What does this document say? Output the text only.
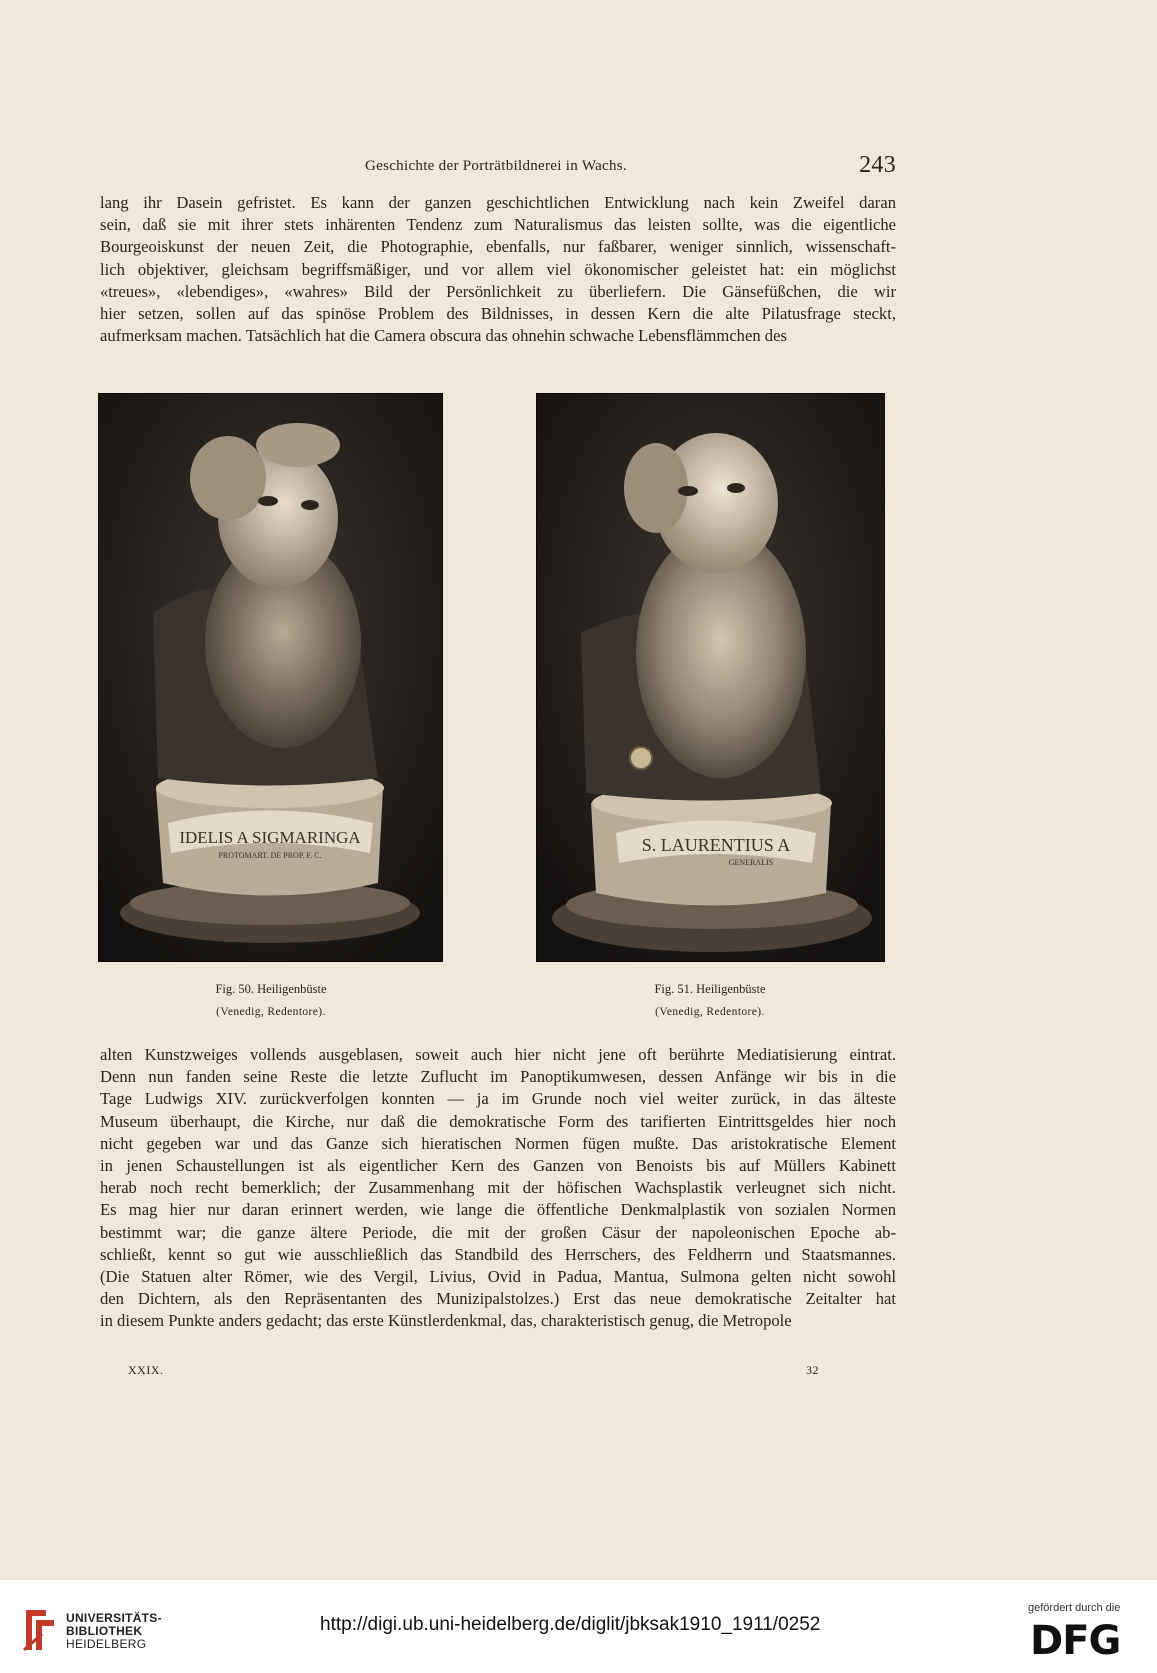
Geschichte der Porträtbildnerei in Wachs.	243
lang ihr Dasein gefristet. Es kann der ganzen geschichtlichen Entwicklung nach kein Zweifel daran
sein, daß sie mit ihrer stets inhärenten Tendenz zum Naturalismus das leisten sollte, was die eigentliche
Bourgeoiskunst der neuen Zeit, die Photographie, ebenfalls, nur faßbarer, weniger sinnlich, wissenschaft-
lich objektiver, gleichsam begriffsmäßiger, und vor allem viel ökonomischer geleistet hat: ein möglichst
«treues», «lebendiges», «wahres» Bild der Persönlichkeit zu überliefern. Die Gänsefüßchen, die wir
hier setzen, sollen auf das spinöse Problem des Bildnisses, in dessen Kern die alte Pilatusfrage steckt,
aufmerksam machen. Tatsächlich hat die Camera obscura das ohnehin schwache Lebensflämmchen des
IDELIS A SIGMARINGA
PROTOMART. DE PROP. F. C.
S. LAURENTIUS A
GENERALIS
Fig. 50. Heiligenbüste
(Venedig, Redentore).
Fig. 51. Heiligenbüste
(Venedig, Redentore).
alten Kunstzweiges vollends ausgeblasen, soweit auch hier nicht jene oft berührte Mediatisierung eintrat.
Denn nun fanden seine Reste die letzte Zuflucht im Panoptikumwesen, dessen Anfänge wir bis in die
Tage Ludwigs XIV. zurückverfolgen konnten — ja im Grunde noch viel weiter zurück, in das älteste
Museum überhaupt, die Kirche, nur daß die demokratische Form des tarifierten Eintrittsgeldes hier noch
nicht gegeben war und das Ganze sich hieratischen Normen fügen mußte. Das aristokratische Element
in jenen Schaustellungen ist als eigentlicher Kern des Ganzen von Benoists bis auf Müllers Kabinett
herab noch recht bemerklich; der Zusammenhang mit der höfischen Wachsplastik verleugnet sich nicht.
Es mag hier nur daran erinnert werden, wie lange die öffentliche Denkmalplastik von sozialen Normen
bestimmt war; die ganze ältere Periode, die mit der großen Cäsur der napoleonischen Epoche ab-
schließt, kennt so gut wie ausschließlich das Standbild des Herrschers, des Feldherrn und Staatsmannes.
(Die Statuen alter Römer, wie des Vergil, Livius, Ovid in Padua, Mantua, Sulmona gelten nicht sowohl
den Dichtern, als den Repräsentanten des Munizipalstolzes.) Erst das neue demokratische Zeitalter hat
in diesem Punkte anders gedacht; das erste Künstlerdenkmal, das, charakteristisch genug, die Metropole
XXIX.	32
UNIVERSITÄTS-
BIBLIOTHEK
HEIDELBERG
http://digi.ub.uni-heidelberg.de/diglit/jbksak1910_1911/0252
gefördert durch die
DFG
